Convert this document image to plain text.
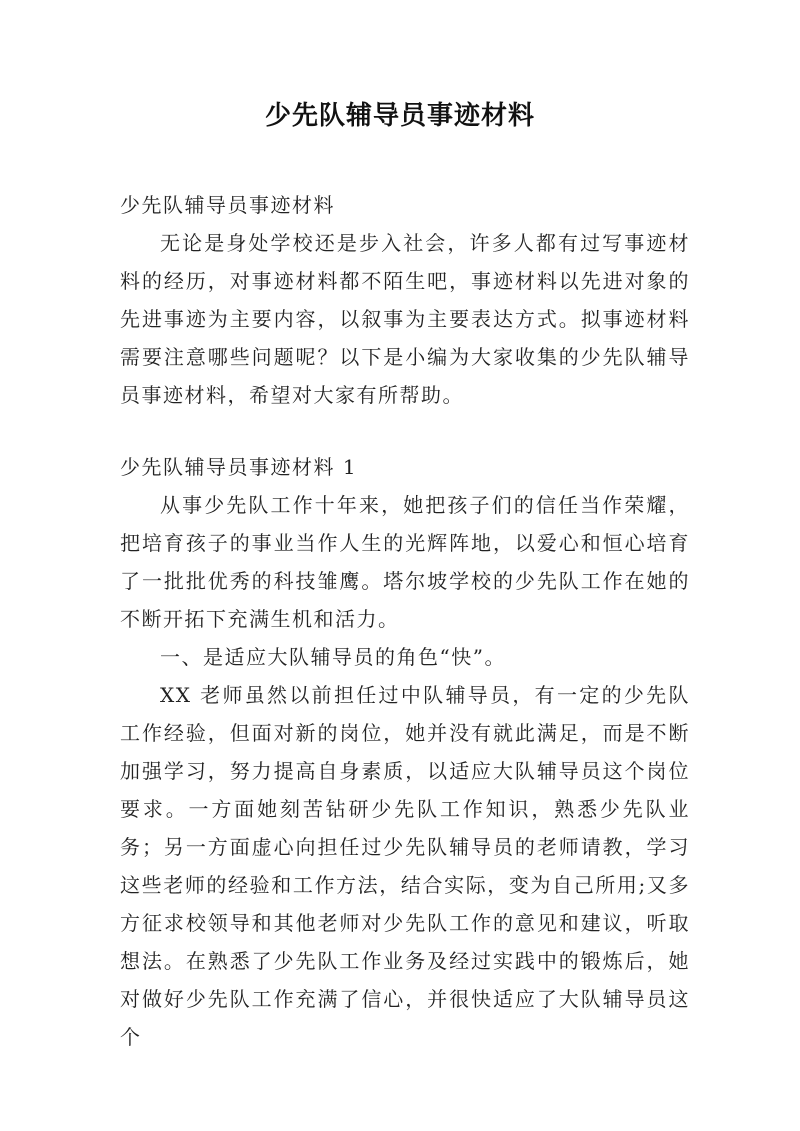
少先队辅导员事迹材料
少先队辅导员事迹材料
无论是身处学校还是步入社会，许多人都有过写事迹材料的经历，对事迹材料都不陌生吧，事迹材料以先进对象的先进事迹为主要内容，以叙事为主要表达方式。拟事迹材料需要注意哪些问题呢？以下是小编为大家收集的少先队辅导员事迹材料，希望对大家有所帮助。
少先队辅导员事迹材料 1
从事少先队工作十年来，她把孩子们的信任当作荣耀，把培育孩子的事业当作人生的光辉阵地，以爱心和恒心培育了一批批优秀的科技雏鹰。塔尔坡学校的少先队工作在她的不断开拓下充满生机和活力。
一、是适应大队辅导员的角色“快”。
XX 老师虽然以前担任过中队辅导员，有一定的少先队工作经验，但面对新的岗位，她并没有就此满足，而是不断加强学习，努力提高自身素质，以适应大队辅导员这个岗位要求。一方面她刻苦钻研少先队工作知识，熟悉少先队业务；另一方面虚心向担任过少先队辅导员的老师请教，学习这些老师的经验和工作方法，结合实际，变为自己所用;又多方征求校领导和其他老师对少先队工作的意见和建议，听取想法。在熟悉了少先队工作业务及经过实践中的锻炼后，她对做好少先队工作充满了信心，并很快适应了大队辅导员这个
